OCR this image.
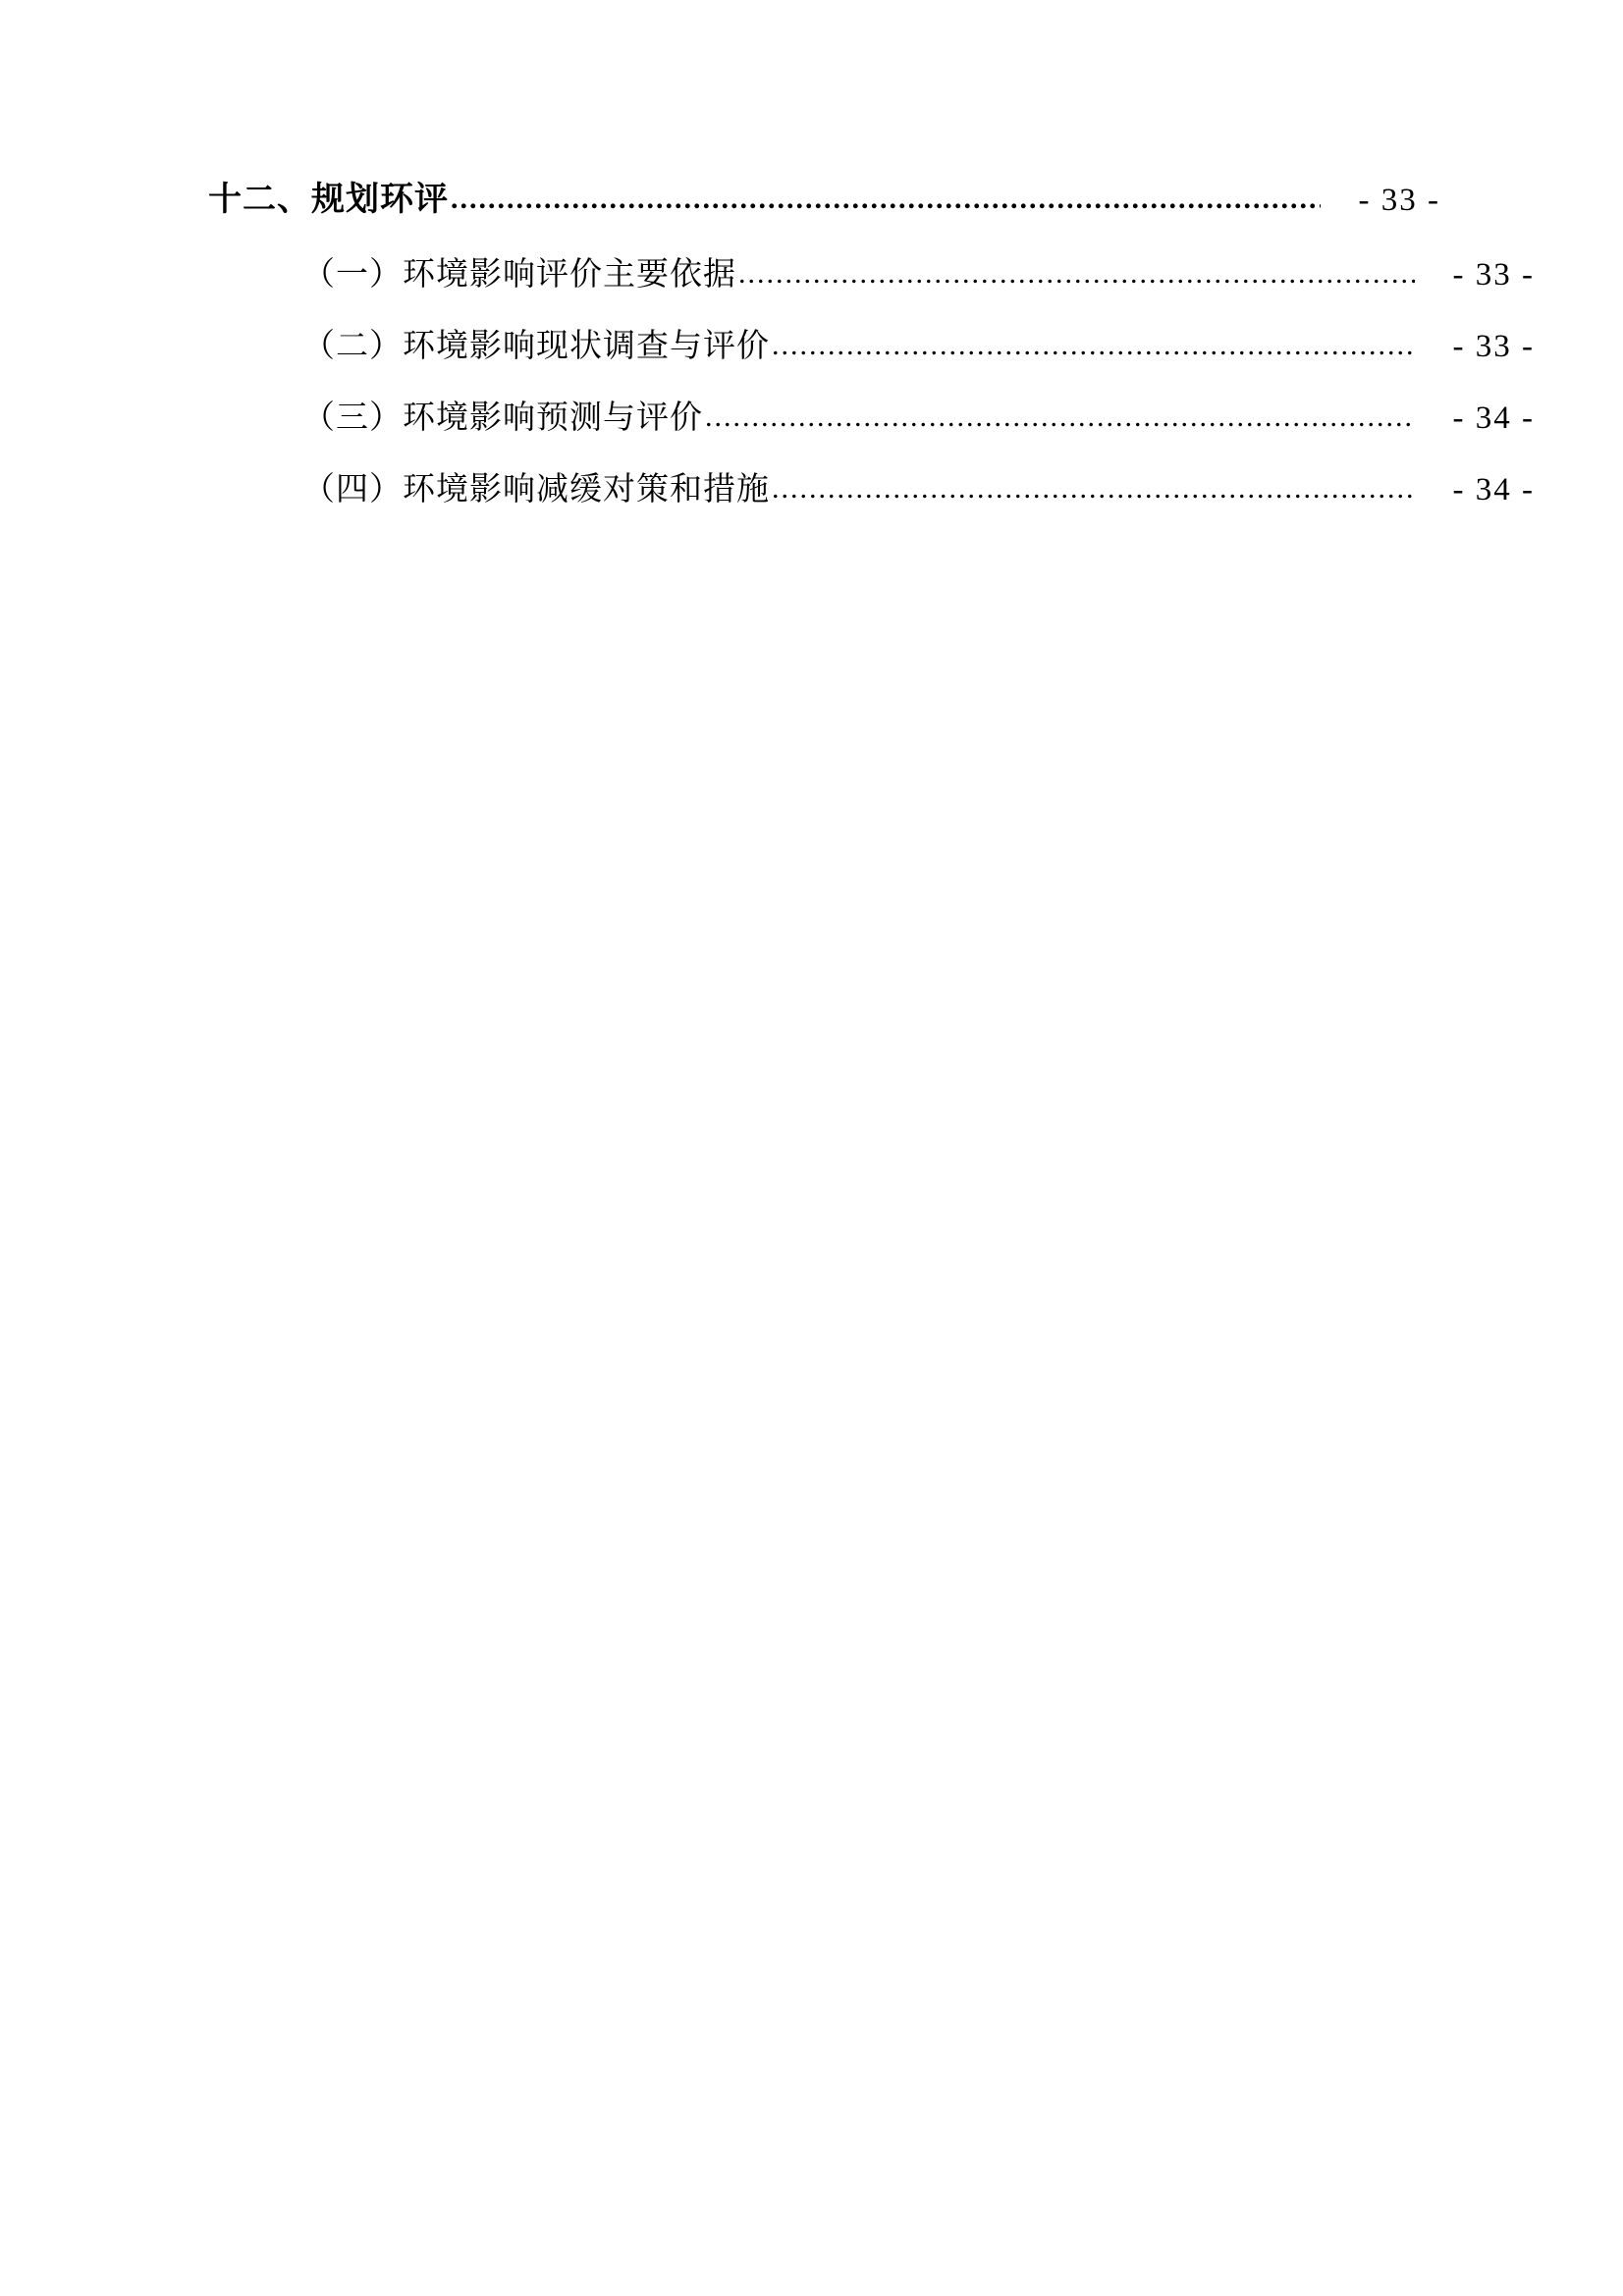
十二、规划环评 .....	- 33 -
（一）环境影响评价主要依据 .....	- 33 -
（二）环境影响现状调查与评价 .....	- 33 -
（三）环境影响预测与评价 .....	- 34 -
（四）环境影响减缓对策和措施 .....	- 34 -
